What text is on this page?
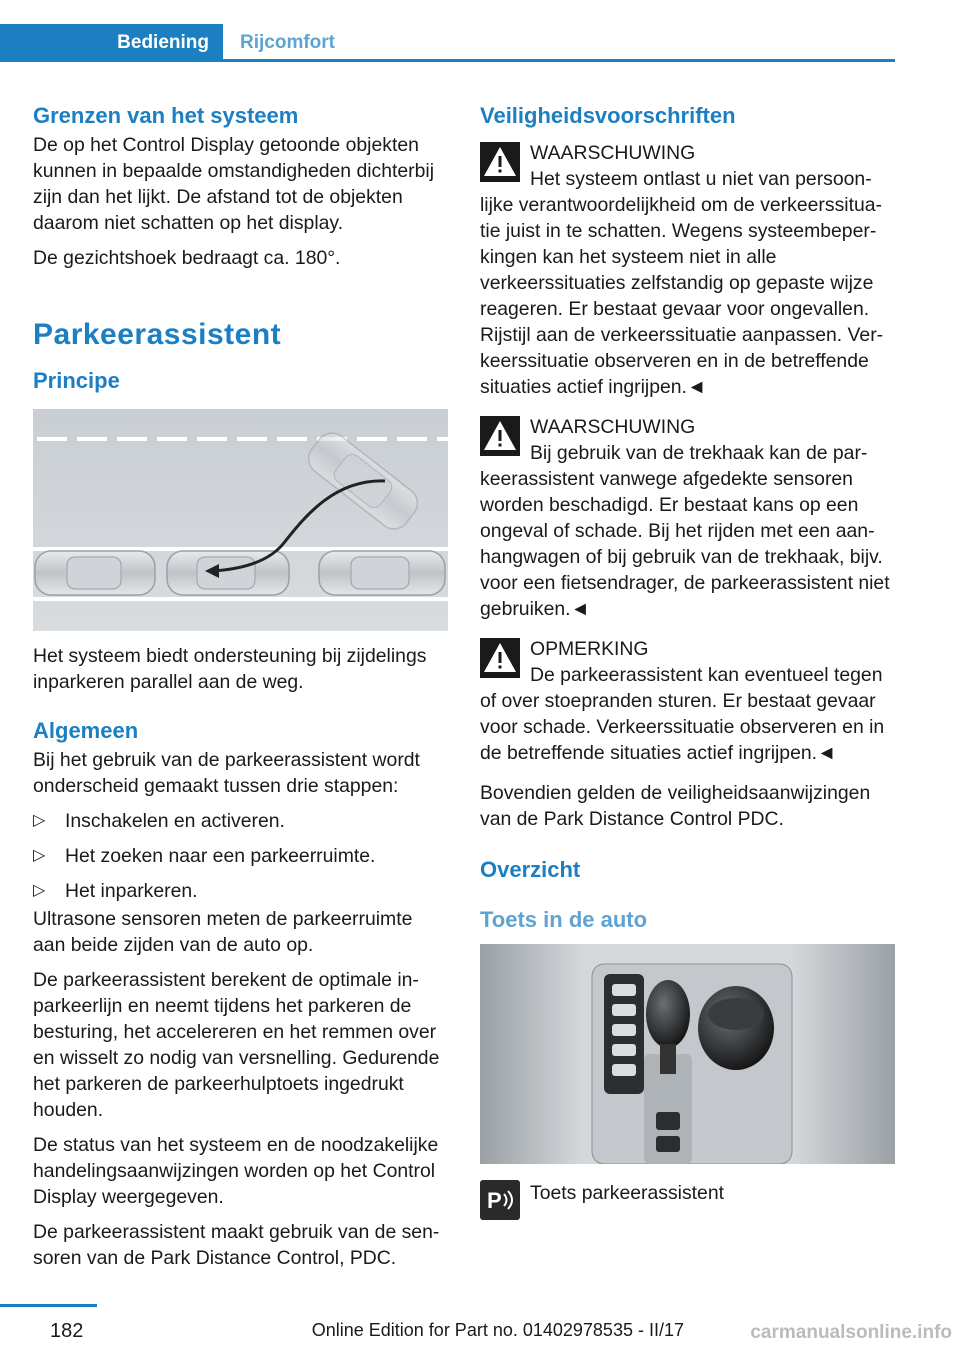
Bediening	Rijcomfort
Grenzen van het systeem

De op het Control Display getoonde objekten kunnen in bepaalde omstandigheden dichterbij zijn dan het lijkt. De afstand tot de objekten daarom niet schatten op het display.

De gezichtshoek bedraagt ca. 180°.

Parkeerassistent
Principe

Het systeem biedt ondersteuning bij zijdelings inparkeren parallel aan de weg.

Algemeen

Bij het gebruik van de parkeerassistent wordt onderscheid gemaakt tussen drie stappen:

▷ Inschakelen en activeren.
▷ Het zoeken naar een parkeerruimte.
▷ Het inparkeren.

Ultrasone sensoren meten de parkeerruimte aan beide zijden van de auto op.

De parkeerassistent berekent de optimale inparkeerlijn en neemt tijdens het parkeren de besturing, het accelereren en het remmen over en wisselt zo nodig van versnelling. Gedurende het parkeren de parkeerhulptoets ingedrukt houden.

De status van het systeem en de noodzakelijke handelingsaanwijzingen worden op het Control Display weergegeven.

De parkeerassistent maakt gebruik van de sensoren van de Park Distance Control, PDC.

Veiligheidsvoorschriften
WAARSCHUWING

Het systeem ontlast u niet van persoonlijke verantwoordelijkheid om de verkeerssituatie juist in te schatten. Wegens systeembeperkingen kan het systeem niet in alle verkeerssituaties zelfstandig op gepaste wijze reageren. Er bestaat gevaar voor ongevallen. Rijstijl aan de verkeerssituatie aanpassen. Verkeerssituatie observeren en in de betreffende situaties actief ingrijpen.◄

WAARSCHUWING

Bij gebruik van de trekhaak kan de parkeerassistent vanwege afgedekte sensoren worden beschadigd. Er bestaat kans op een ongeval of schade. Bij het rijden met een aanhangwagen of bij gebruik van de trekhaak, bijv. voor een fietsendrager, de parkeerassistent niet gebruiken.◄

OPMERKING

De parkeerassistent kan eventueel tegen of over stoepranden sturen. Er bestaat gevaar voor schade. Verkeerssituatie observeren en in de betreffende situaties actief ingrijpen.◄

Bovendien gelden de veiligheidsaanwijzingen van de Park Distance Control PDC.

Overzicht
Toets in de auto
P Toets parkeerassistent
182	Online Edition for Part no. 01402978535 - II/17	carmanualsonline.info
